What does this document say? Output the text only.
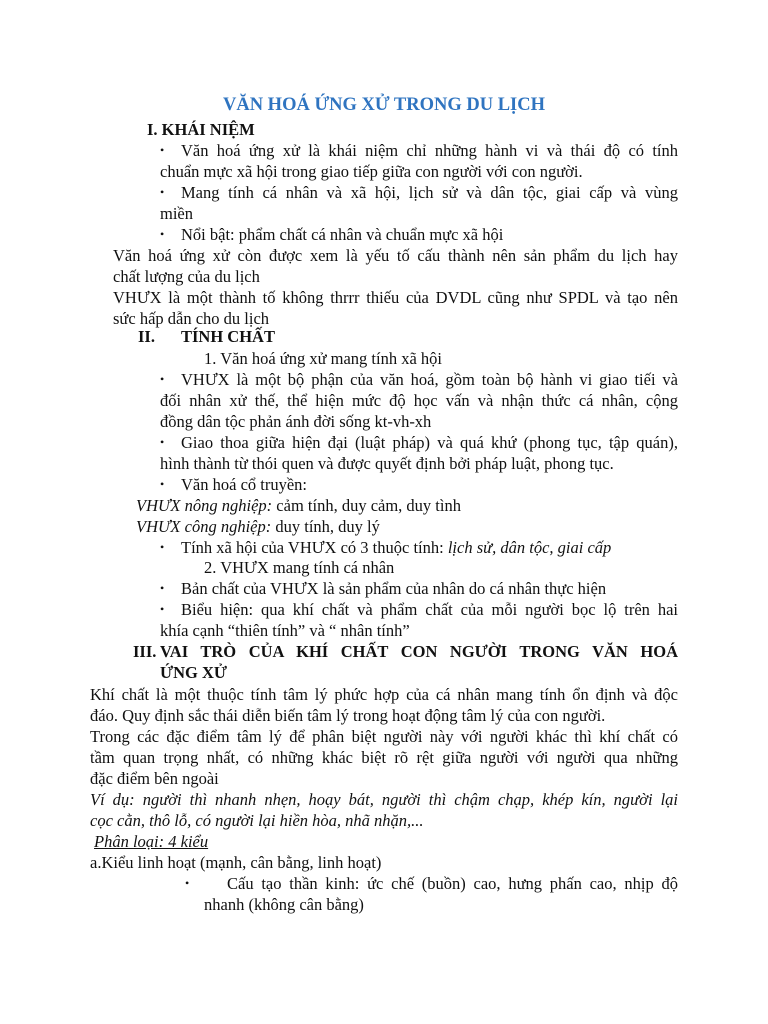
VĂN HOÁ ỨNG XỬ TRONG DU LỊCH
I. KHÁI NIỆM
• Văn hoá ứng xử là khái niệm chỉ những hành vi và thái độ có tính
chuẩn mực xã hội trong giao tiếp giữa con người với con người.
• Mang tính cá nhân và xã hội, lịch sử và dân tộc, giai cấp và vùng
miền
• Nổi bật: phẩm chất cá nhân và chuẩn mực xã hội
Văn hoá ứng xử còn được xem là yếu tố cấu thành nên sản phẩm du lịch hay
chất lượng của du lịch
VHƯX là một thành tố không thrrr thiếu của DVDL cũng như SPDL và tạo nên
sức hấp dẫn cho du lịch
II. TÍNH CHẤT
1. Văn hoá ứng xử mang tính xã hội
• VHƯX là một bộ phận của văn hoá, gồm toàn bộ hành vi giao tiếi và
đối nhân xử thế, thể hiện mức độ học vấn và nhận thức cá nhân, cộng
đồng dân tộc phản ánh đời sống kt-vh-xh
• Giao thoa giữa hiện đại (luật pháp) và quá khứ (phong tục, tập quán),
hình thành từ thói quen và được quyết định bởi pháp luật, phong tục.
• Văn hoá cổ truyền:
VHƯX nông nghiệp: cảm tính, duy cảm, duy tình
VHƯX công nghiệp: duy tính, duy lý
• Tính xã hội của VHƯX có 3 thuộc tính: lịch sử, dân tộc, giai cấp
2. VHƯX mang tính cá nhân
• Bản chất của VHƯX là sản phẩm của nhân do cá nhân thực hiện
• Biểu hiện: qua khí chất và phẩm chất của mỗi người bọc lộ trên hai
khía cạnh “thiên tính” và “ nhân tính”
III. VAI TRÒ CỦA KHÍ CHẤT CON NGƯỜI TRONG VĂN HOÁ
ỨNG XỬ
Khí chất là một thuộc tính tâm lý phức hợp của cá nhân mang tính ổn định và độc
đáo. Quy định sắc thái diễn biến tâm lý trong hoạt động tâm lý của con người.
Trong các đặc điểm tâm lý để phân biệt người này với người khác thì khí chất có
tầm quan trọng nhất, có những khác biệt rõ rệt giữa người với người qua những
đặc điểm bên ngoài
Ví dụ: người thì nhanh nhẹn, hoạy bát, người thì chậm chạp, khép kín, người lại
cọc cằn, thô lỗ, có người lại hiền hòa, nhã nhặn,...
Phân loại: 4 kiểu
a.Kiểu linh hoạt (mạnh, cân bằng, linh hoạt)
• Cấu tạo thần kinh: ức chế (buồn) cao, hưng phấn cao, nhịp độ
nhanh (không cân bằng)
